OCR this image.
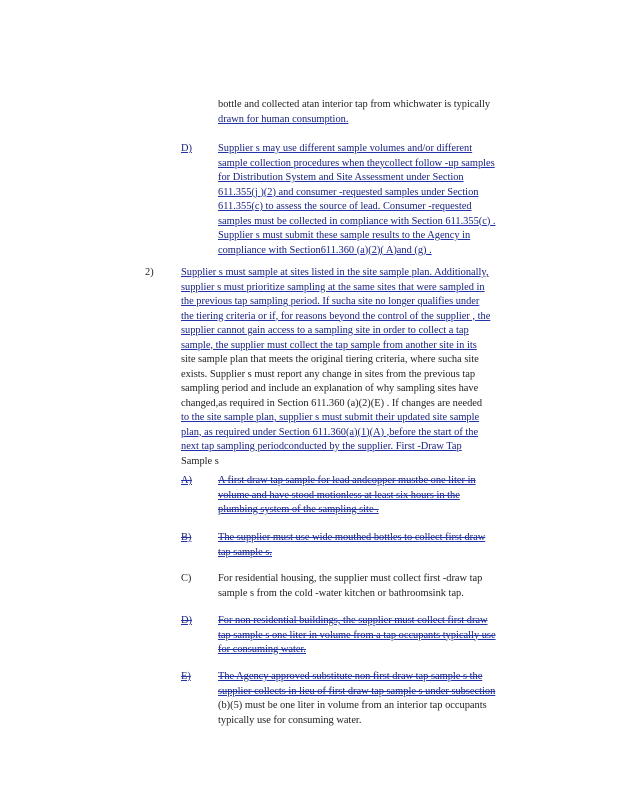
bottle and collected atan interior tap from whichwater is typically
drawn for human consumption.
D)	Supplier s may use different sample volumes and/or different
sample collection procedures when theycollect follow -up samples
for Distribution System and Site Assessment under Section
611.355(j )(2) and consumer -requested samples under Section
611.355(c) to assess the source of lead. Consumer -requested
samples must be collected in compliance with Section 611.355(c) .
Supplier s must submit these sample results to the Agency in
compliance with Section611.360 (a)(2)( A)and (g) .
2)	Supplier s must sample at sites listed in the site sample plan. Additionally,
supplier s must prioritize sampling at the same sites that were sampled in
the previous tap sampling period. If sucha site no longer qualifies under
the tiering criteria or if, for reasons beyond the control of the supplier , the
supplier cannot gain access to a sampling site in order to collect a tap
sample, the supplier must collect the tap sample from another site in its
site sample plan that meets the original tiering criteria, where sucha site
exists. Supplier s must report any change in sites from the previous tap
sampling period and include an explanation of why sampling sites have
changed,as required in Section 611.360 (a)(2)(E) . If changes are needed
to the site sample plan, supplier s must submit their updated site sample
plan, as required under Section 611.360(a)(1)(A) ,before the start of the
next tap sampling periodconducted by the supplier. First -Draw Tap
Sample s
A)	A first draw tap sample for lead andcopper mustbe one liter in
volume and have stood motionless at least six hours in the
plumbing system of the sampling site .
B)	The supplier must use wide mouthed bottles to collect first draw
tap sample s.
C)	For residential housing, the supplier must collect first -draw tap
sample s from the cold -water kitchen or bathroomsink tap.
D)	For non residential buildings, the supplier must collect first draw
tap sample s one liter in volume from a tap occupants typically use
for consuming water.
E)	The Agency approved substitute non first draw tap sample s the
supplier collects in lieu of first draw tap sample s under subsection
(b)(5) must be one liter in volume from an interior tap occupants
typically use for consuming water.
